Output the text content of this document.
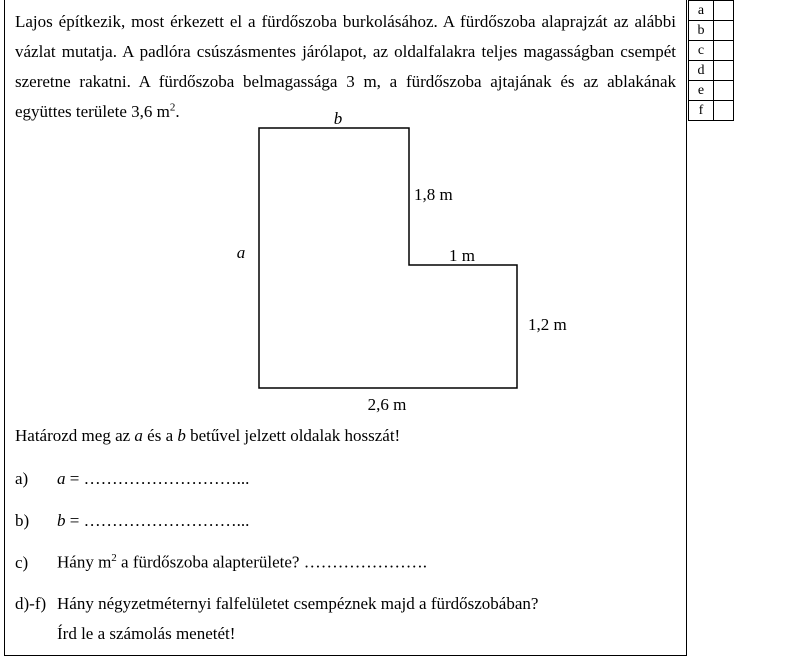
Lajos építkezik, most érkezett el a fürdőszoba burkolásához. A fürdőszoba alaprajzát az alábbi vázlat mutatja. A padlóra csúszásmentes járólapot, az oldalfalakra teljes magasságban csempét szeretne rakatni. A fürdőszoba belmagassága 3 m, a fürdőszoba ajtajának és az ablakának együttes területe 3,6 $m^2$.

a	
b	
c	
d	
e	
f	
b
a
1,8 m
1 m
1,2 m
2,6 m

Határozd meg az a és a b betűvel jelzett oldalak hosszát!

a) a = ………………………...

b) b = ………………………...

c) Hány $m^2$ a fürdőszoba alapterülete? ………………….

d)-f) Hány négyzetméternyi falfelületet csempéznek majd a fürdőszobában?

Írd le a számolás menetét!
